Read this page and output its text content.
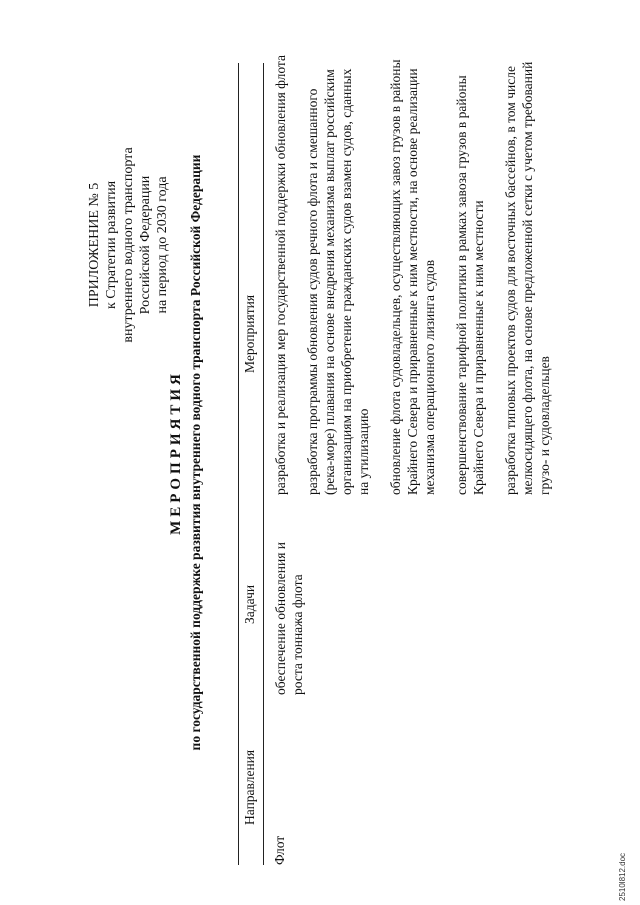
ПРИЛОЖЕНИЕ № 5 к Стратегии развития внутреннего водного транспорта Российской Федерации на период до 2030 года
МЕРОПРИЯТИЯ по государственной поддержке развития внутреннего водного транспорта Российской Федерации
Направления
Задачи
Мероприятия
Флот
обеспечение обновления и роста тоннажа флота

разработка и реализация мер государственной поддержки обновления флота разработка программы обновления судов речного флота и смешанного (река-море) плавания на основе внедрения механизма выплат российским организациям на приобретение гражданских судов взамен судов, сданных на утилизацию обновление флота судовладельцев, осуществляющих завоз грузов в районы Крайнего Севера и приравненные к ним местности, на основе реализации механизма операционного лизинга судов совершенствование тарифной политики в рамках завоза грузов в районы Крайнего Севера и приравненные к ним местности разработка типовых проектов судов для восточных бассейнов, в том числе мелкосидящего флота, на основе предложенной сетки с учетом требований грузо- и судовладельцев

2510l812.doc
